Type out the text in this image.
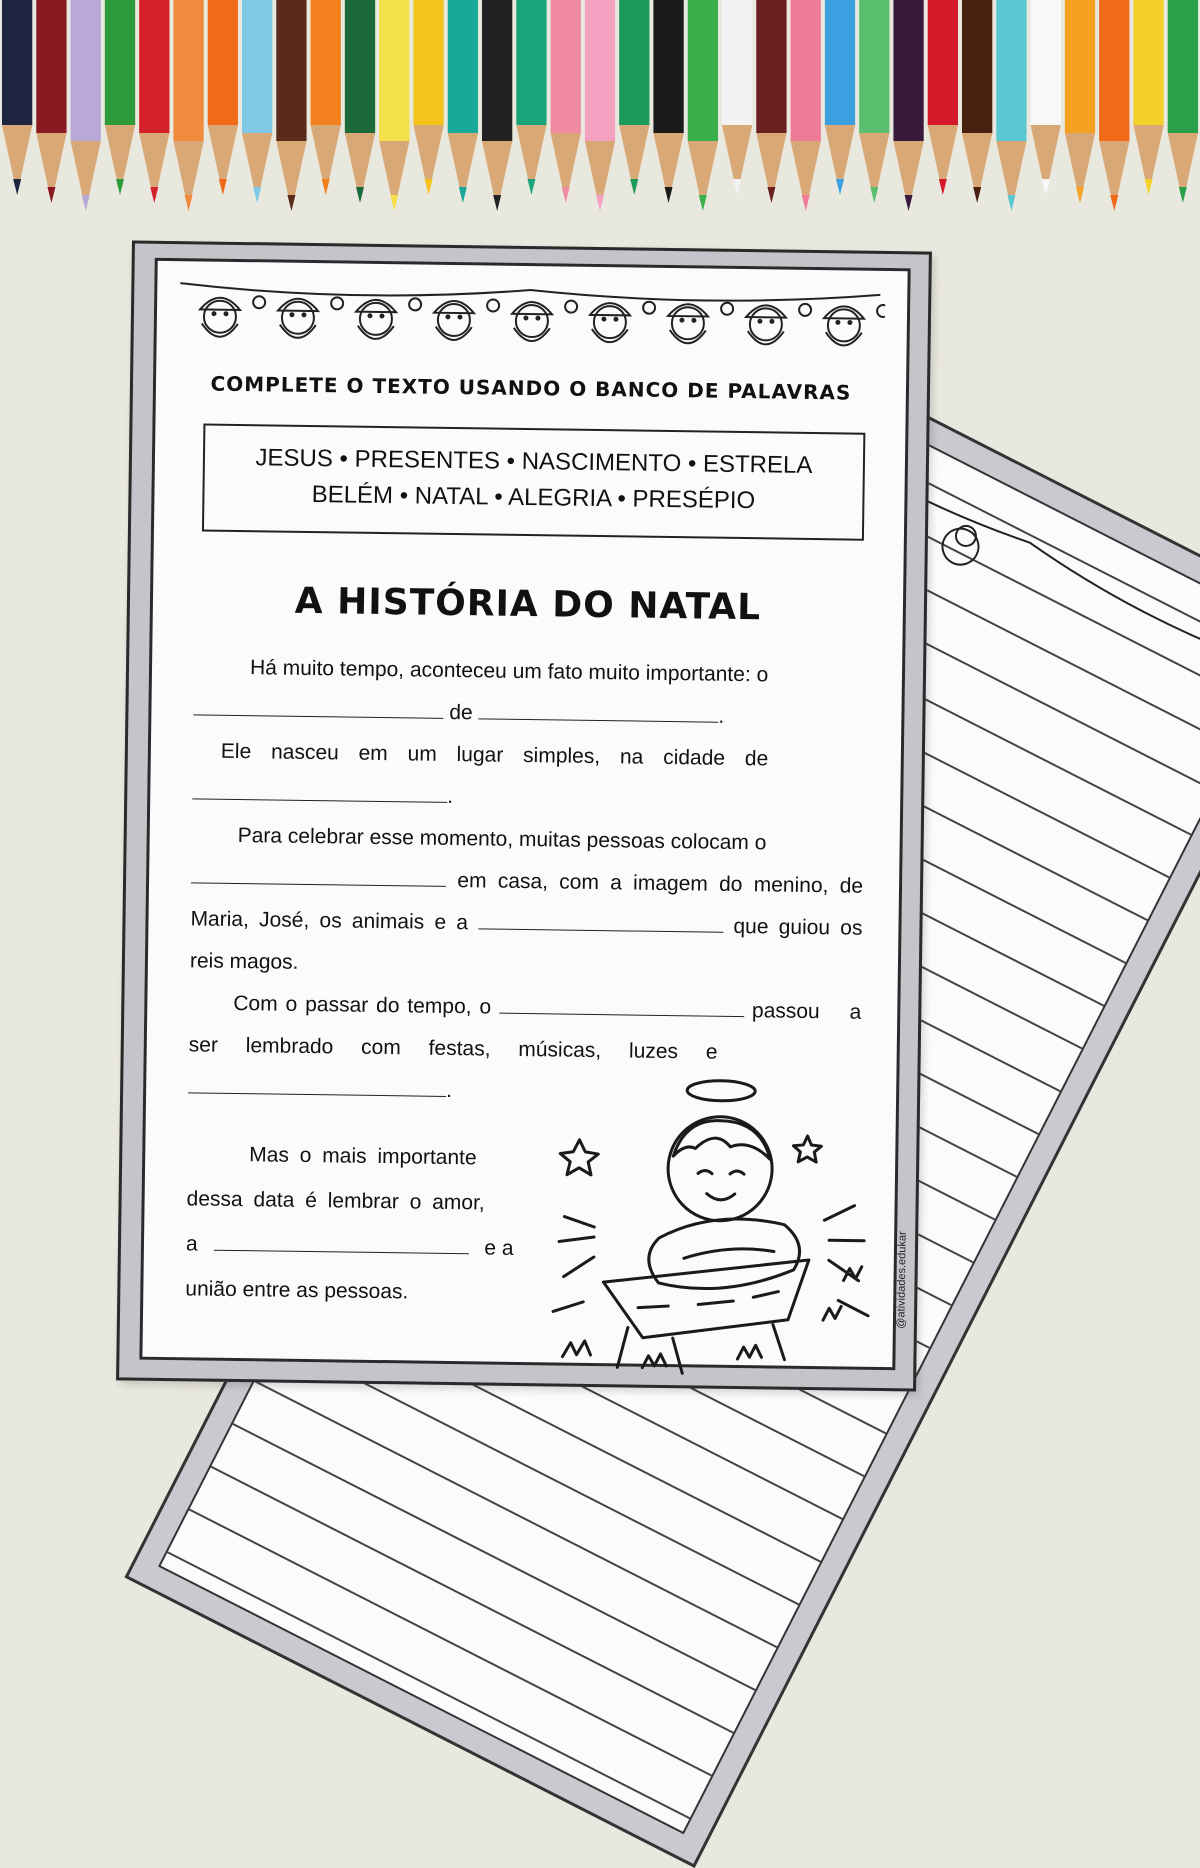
COMPLETE O TEXTO USANDO O BANCO DE PALAVRAS
JESUS • PRESENTES • NASCIMENTO • ESTRELA
BELÉM • NATAL • ALEGRIA • PRESÉPIO
A HISTÓRIA DO NATAL

Há muito tempo, aconteceu um fato muito importante: o
de	.

Ele nasceu em um lugar simples, na cidade de
.

Para celebrar esse momento, muitas pessoas colocam o
em casa, com a imagem do menino, de Maria, José, os animais e a	que guiou os reis magos.

Com o passar do tempo, o	passou a ser lembrado com festas, músicas, luzes e
.

Mas o mais importante dessa data é lembrar o amor,

a	e a

união entre as pessoas.	@atividades.edukar
